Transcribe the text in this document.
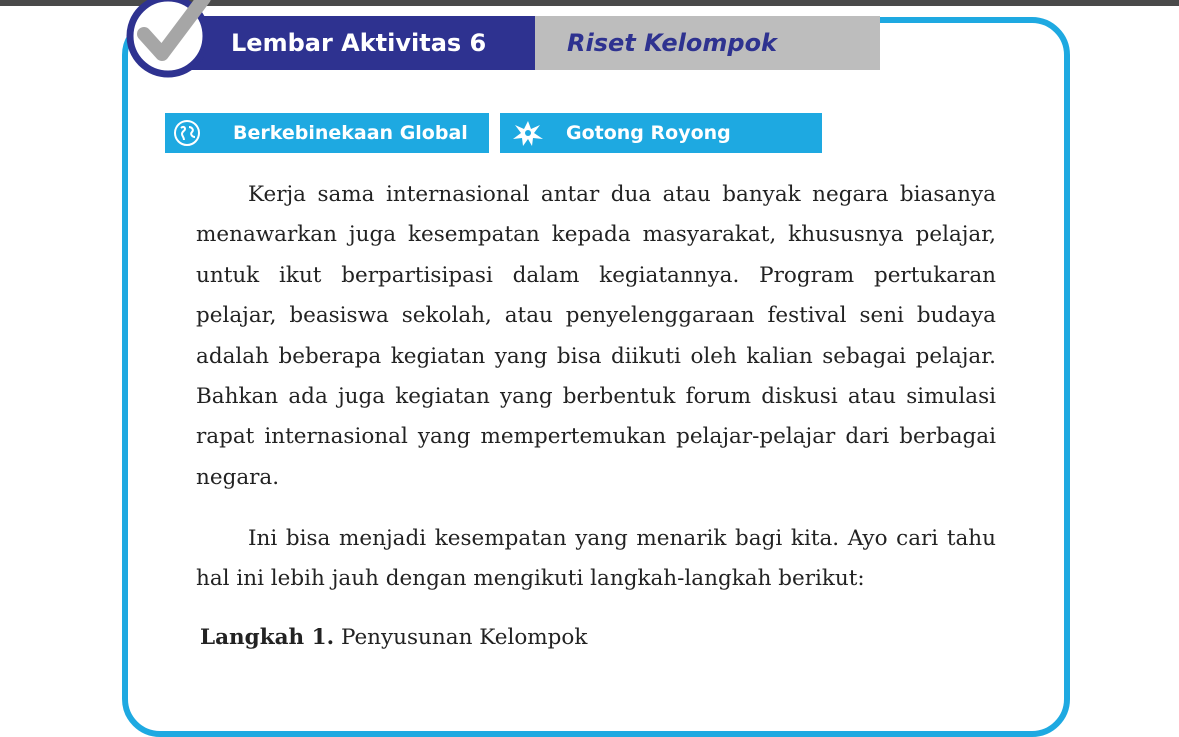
Lembar Aktivitas 6	Riset Kelompok
Berkebinekaan Global	Gotong Royong

Kerja sama internasional antar dua atau banyak negara biasanya menawarkan juga kesempatan kepada masyarakat, khususnya pelajar, untuk ikut berpartisipasi dalam kegiatannya. Program pertukaran pelajar, beasiswa sekolah, atau penyelenggaraan festival seni budaya adalah beberapa kegiatan yang bisa diikuti oleh kalian sebagai pelajar. Bahkan ada juga kegiatan yang berbentuk forum diskusi atau simulasi rapat internasional yang mempertemukan pelajar-pelajar dari berbagai negara.

Ini bisa menjadi kesempatan yang menarik bagi kita. Ayo cari tahu hal ini lebih jauh dengan mengikuti langkah-langkah berikut:

Langkah 1. Penyusunan Kelompok
